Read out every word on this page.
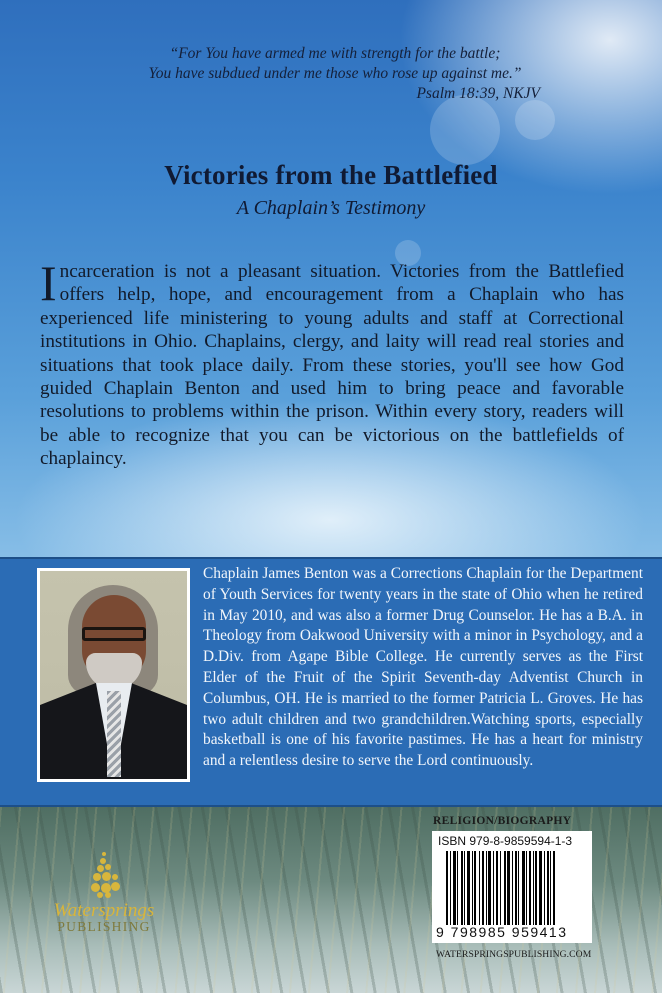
“For You have armed me with strength for the battle;
You have subdued under me those who rose up against me.”
Psalm 18:39, NKJV
Victories from the Battlefied
A Chaplain’s Testimony
Incarceration is not a pleasant situation. Victories from the Battlefied offers help, hope, and encouragement from a Chaplain who has experienced life ministering to young adults and staff at Correctional institutions in Ohio. Chaplains, clergy, and laity will read real stories and situations that took place daily. From these stories, you'll see how God guided Chaplain Benton and used him to bring peace and favorable resolutions to problems within the prison. Within every story, readers will be able to recognize that you can be victorious on the battlefields of chaplaincy.
Chaplain James Benton was a Corrections Chaplain for the Department of Youth Services for twenty years in the state of Ohio when he retired in May 2010, and was also a former Drug Counselor. He has a B.A. in Theology from Oakwood University with a minor in Psychology, and a D.Div. from Agape Bible College. He currently serves as the First Elder of the Fruit of the Spirit Seventh-day Adventist Church in Columbus, OH. He is married to the former Patricia L. Groves. He has two adult children and two grandchildren.Watching sports, especially basketball is one of his favorite pastimes. He has a heart for ministry and a relentless desire to serve the Lord continuously.
Watersprings
PUBLISHING
RELIGION/BIOGRAPHY
ISBN 979-8-9859594-1-3
9 798985 959413
WATERSPRINGSPUBLISHING.COM
